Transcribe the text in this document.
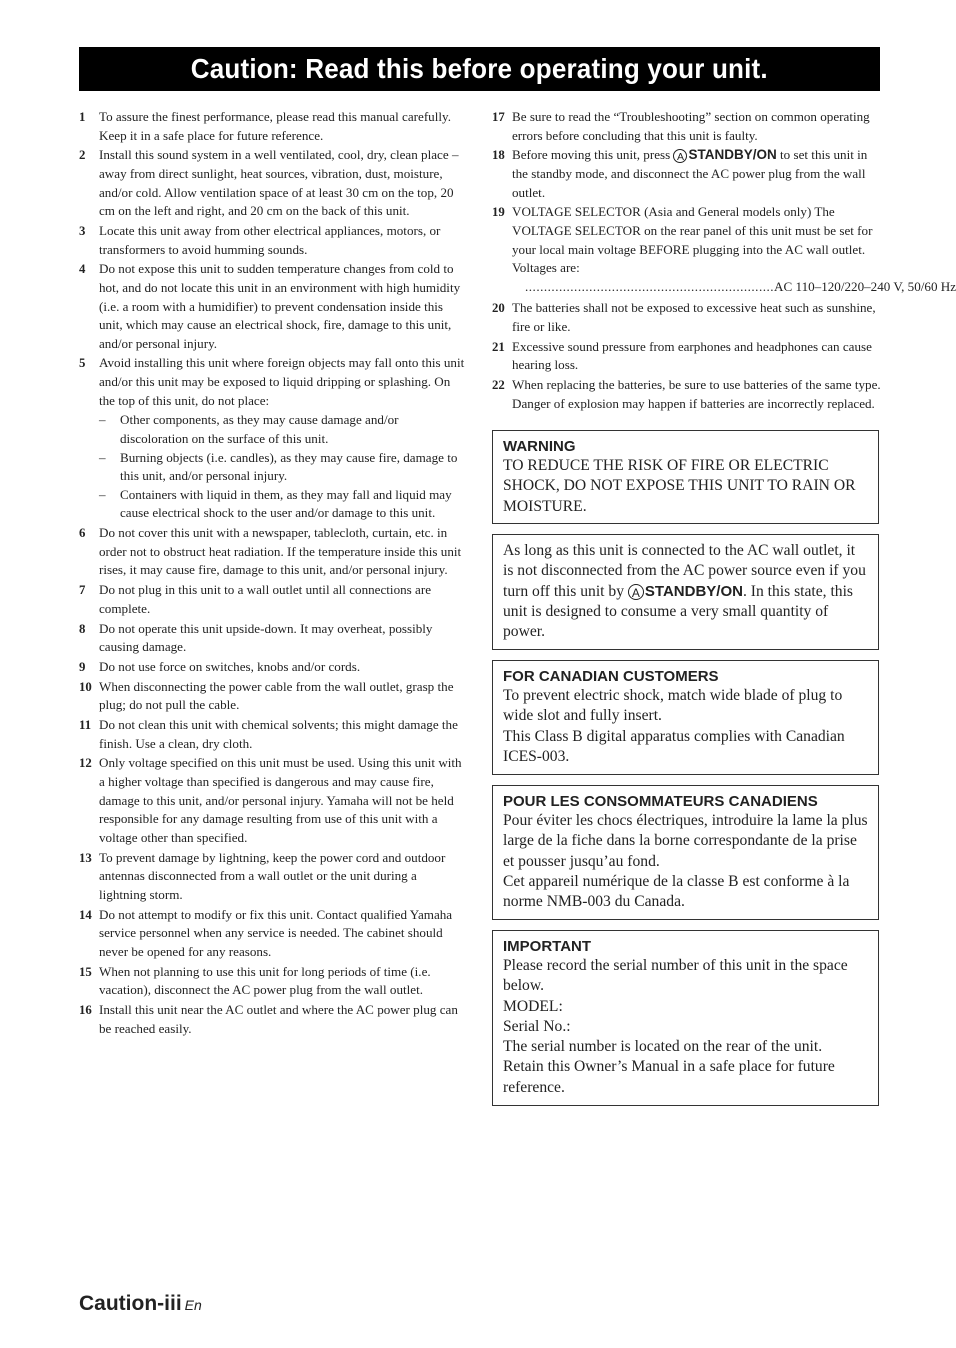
Caution: Read this before operating your unit.
1	To assure the finest performance, please read this manual carefully. Keep it in a safe place for future reference.
2	Install this sound system in a well ventilated, cool, dry, clean place – away from direct sunlight, heat sources, vibration, dust, moisture, and/or cold. Allow ventilation space of at least 30 cm on the top, 20 cm on the left and right, and 20 cm on the back of this unit.
3	Locate this unit away from other electrical appliances, motors, or transformers to avoid humming sounds.
4	Do not expose this unit to sudden temperature changes from cold to hot, and do not locate this unit in an environment with high humidity (i.e. a room with a humidifier) to prevent condensation inside this unit, which may cause an electrical shock, fire, damage to this unit, and/or personal injury.
5	Avoid installing this unit where foreign objects may fall onto this unit and/or this unit may be exposed to liquid dripping or splashing. On the top of this unit, do not place:
–	Other components, as they may cause damage and/or discoloration on the surface of this unit.
–	Burning objects (i.e. candles), as they may cause fire, damage to this unit, and/or personal injury.
–	Containers with liquid in them, as they may fall and liquid may cause electrical shock to the user and/or damage to this unit.
6	Do not cover this unit with a newspaper, tablecloth, curtain, etc. in order not to obstruct heat radiation. If the temperature inside this unit rises, it may cause fire, damage to this unit, and/or personal injury.
7	Do not plug in this unit to a wall outlet until all connections are complete.
8	Do not operate this unit upside-down. It may overheat, possibly causing damage.
9	Do not use force on switches, knobs and/or cords.
10 When disconnecting the power cable from the wall outlet, grasp the plug; do not pull the cable.
11 Do not clean this unit with chemical solvents; this might damage the finish. Use a clean, dry cloth.
12 Only voltage specified on this unit must be used. Using this unit with a higher voltage than specified is dangerous and may cause fire, damage to this unit, and/or personal injury. Yamaha will not be held responsible for any damage resulting from use of this unit with a voltage other than specified.
13 To prevent damage by lightning, keep the power cord and outdoor antennas disconnected from a wall outlet or the unit during a lightning storm.
14 Do not attempt to modify or fix this unit. Contact qualified Yamaha service personnel when any service is needed. The cabinet should never be opened for any reasons.
15 When not planning to use this unit for long periods of time (i.e. vacation), disconnect the AC power plug from the wall outlet.
16 Install this unit near the AC outlet and where the AC power plug can be reached easily.
17 Be sure to read the “Troubleshooting” section on common operating errors before concluding that this unit is faulty.
18 Before moving this unit, press A STANDBY/ON to set this unit in the standby mode, and disconnect the AC power plug from the wall outlet.
19 VOLTAGE SELECTOR (Asia and General models only) The VOLTAGE SELECTOR on the rear panel of this unit must be set for your local main voltage BEFORE plugging into the AC wall outlet. Voltages are:
.................................................................. AC 110–120/220–240 V, 50/60 Hz
20 The batteries shall not be exposed to excessive heat such as sunshine, fire or like.
21 Excessive sound pressure from earphones and headphones can cause hearing loss.
22 When replacing the batteries, be sure to use batteries of the same type. Danger of explosion may happen if batteries are incorrectly replaced.
WARNING
TO REDUCE THE RISK OF FIRE OR ELECTRIC SHOCK, DO NOT EXPOSE THIS UNIT TO RAIN OR MOISTURE.
As long as this unit is connected to the AC wall outlet, it is not disconnected from the AC power source even if you turn off this unit by A STANDBY/ON. In this state, this unit is designed to consume a very small quantity of power.
FOR CANADIAN CUSTOMERS
To prevent electric shock, match wide blade of plug to wide slot and fully insert.
This Class B digital apparatus complies with Canadian ICES-003.
POUR LES CONSOMMATEURS CANADIENS
Pour éviter les chocs électriques, introduire la lame la plus large de la fiche dans la borne correspondante de la prise et pousser jusqu’au fond.
Cet appareil numérique de la classe B est conforme à la norme NMB-003 du Canada.
IMPORTANT
Please record the serial number of this unit in the space below.
MODEL:
Serial No.:
The serial number is located on the rear of the unit.
Retain this Owner’s Manual in a safe place for future reference.
Caution-iii En
